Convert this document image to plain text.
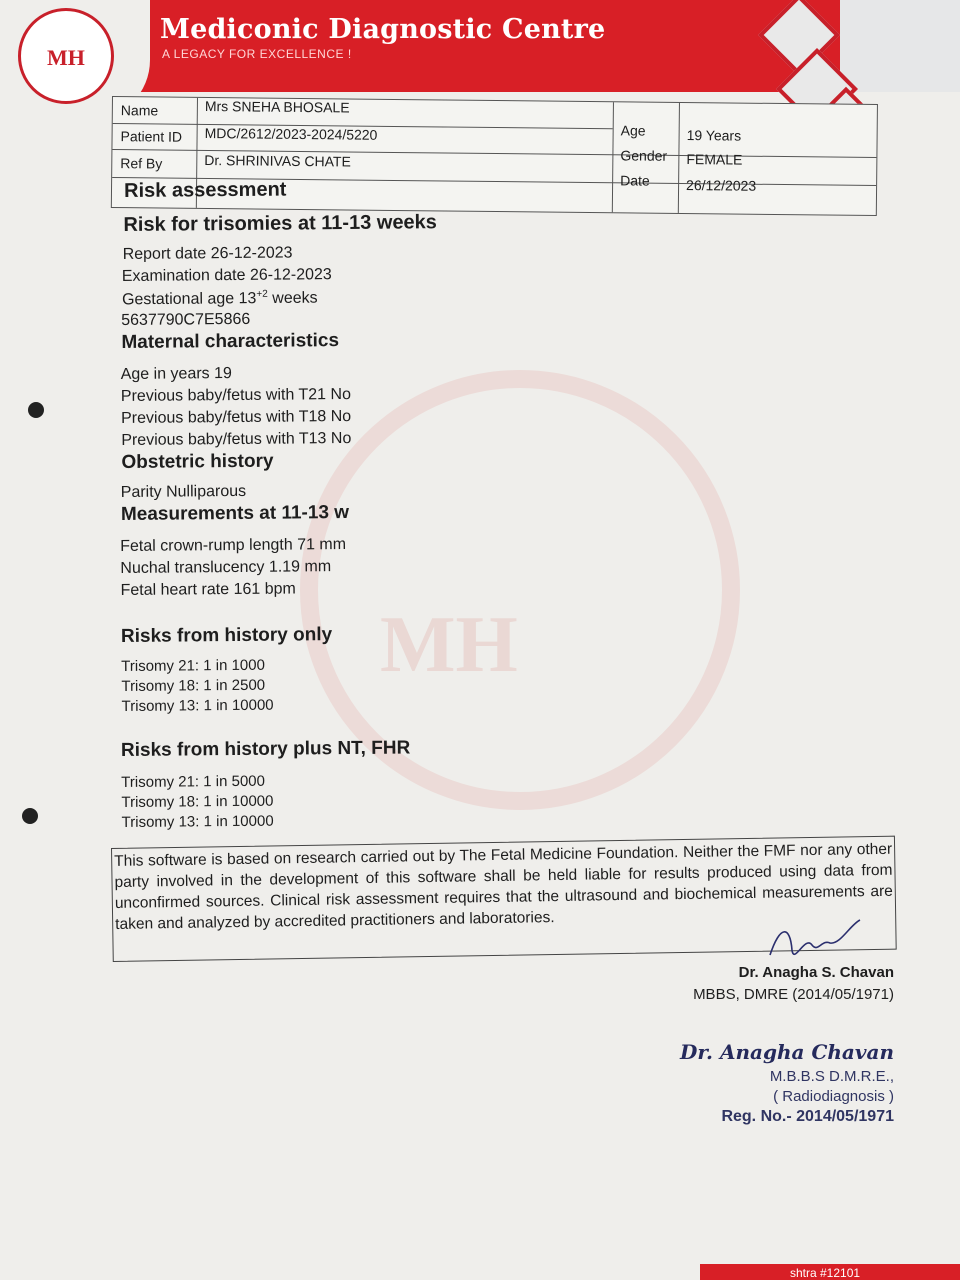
MH
MH
Mediconic Diagnostic Centre
A LEGACY FOR EXCELLENCE !
Name	Mrs SNEHA BHOSALE
Patient ID MDC/2612/2023-2024/5220
Ref By	Dr. SHRINIVAS CHATE
Age	19 Years
Gender FEMALE
Date	26/12/2023
Risk assessment
Risk for trisomies at 11-13 weeks
Report date 26-12-2023
Examination date 26-12-2023
Gestational age $13^{+2}$ weeks
5637790C7E5866
Maternal characteristics
Age in years 19
Previous baby/fetus with T21 No
Previous baby/fetus with T18 No
Previous baby/fetus with T13 No
Obstetric history
Parity Nulliparous
Measurements at 11-13 w
Fetal crown-rump length 71 mm
Nuchal translucency 1.19 mm
Fetal heart rate 161 bpm
Risks from history only
Trisomy 21: 1 in 1000
Trisomy 18: 1 in 2500
Trisomy 13: 1 in 10000
Risks from history plus NT, FHR
Trisomy 21: 1 in 5000
Trisomy 18: 1 in 10000
Trisomy 13: 1 in 10000
This software is based on research carried out by The Fetal Medicine Foundation. Neither the FMF nor any other party involved in the development of this software shall be held liable for results produced using data from unconfirmed sources. Clinical risk assessment requires that the ultrasound and biochemical measurements are taken and analyzed by accredited practitioners and laboratories.
Dr. Anagha S. Chavan
MBBS, DMRE (2014/05/1971)
Dr. Anagha Chavan
M.B.B.S D.M.R.E.,
( Radiodiagnosis )
Reg. No.- 2014/05/1971
shtra #12101
